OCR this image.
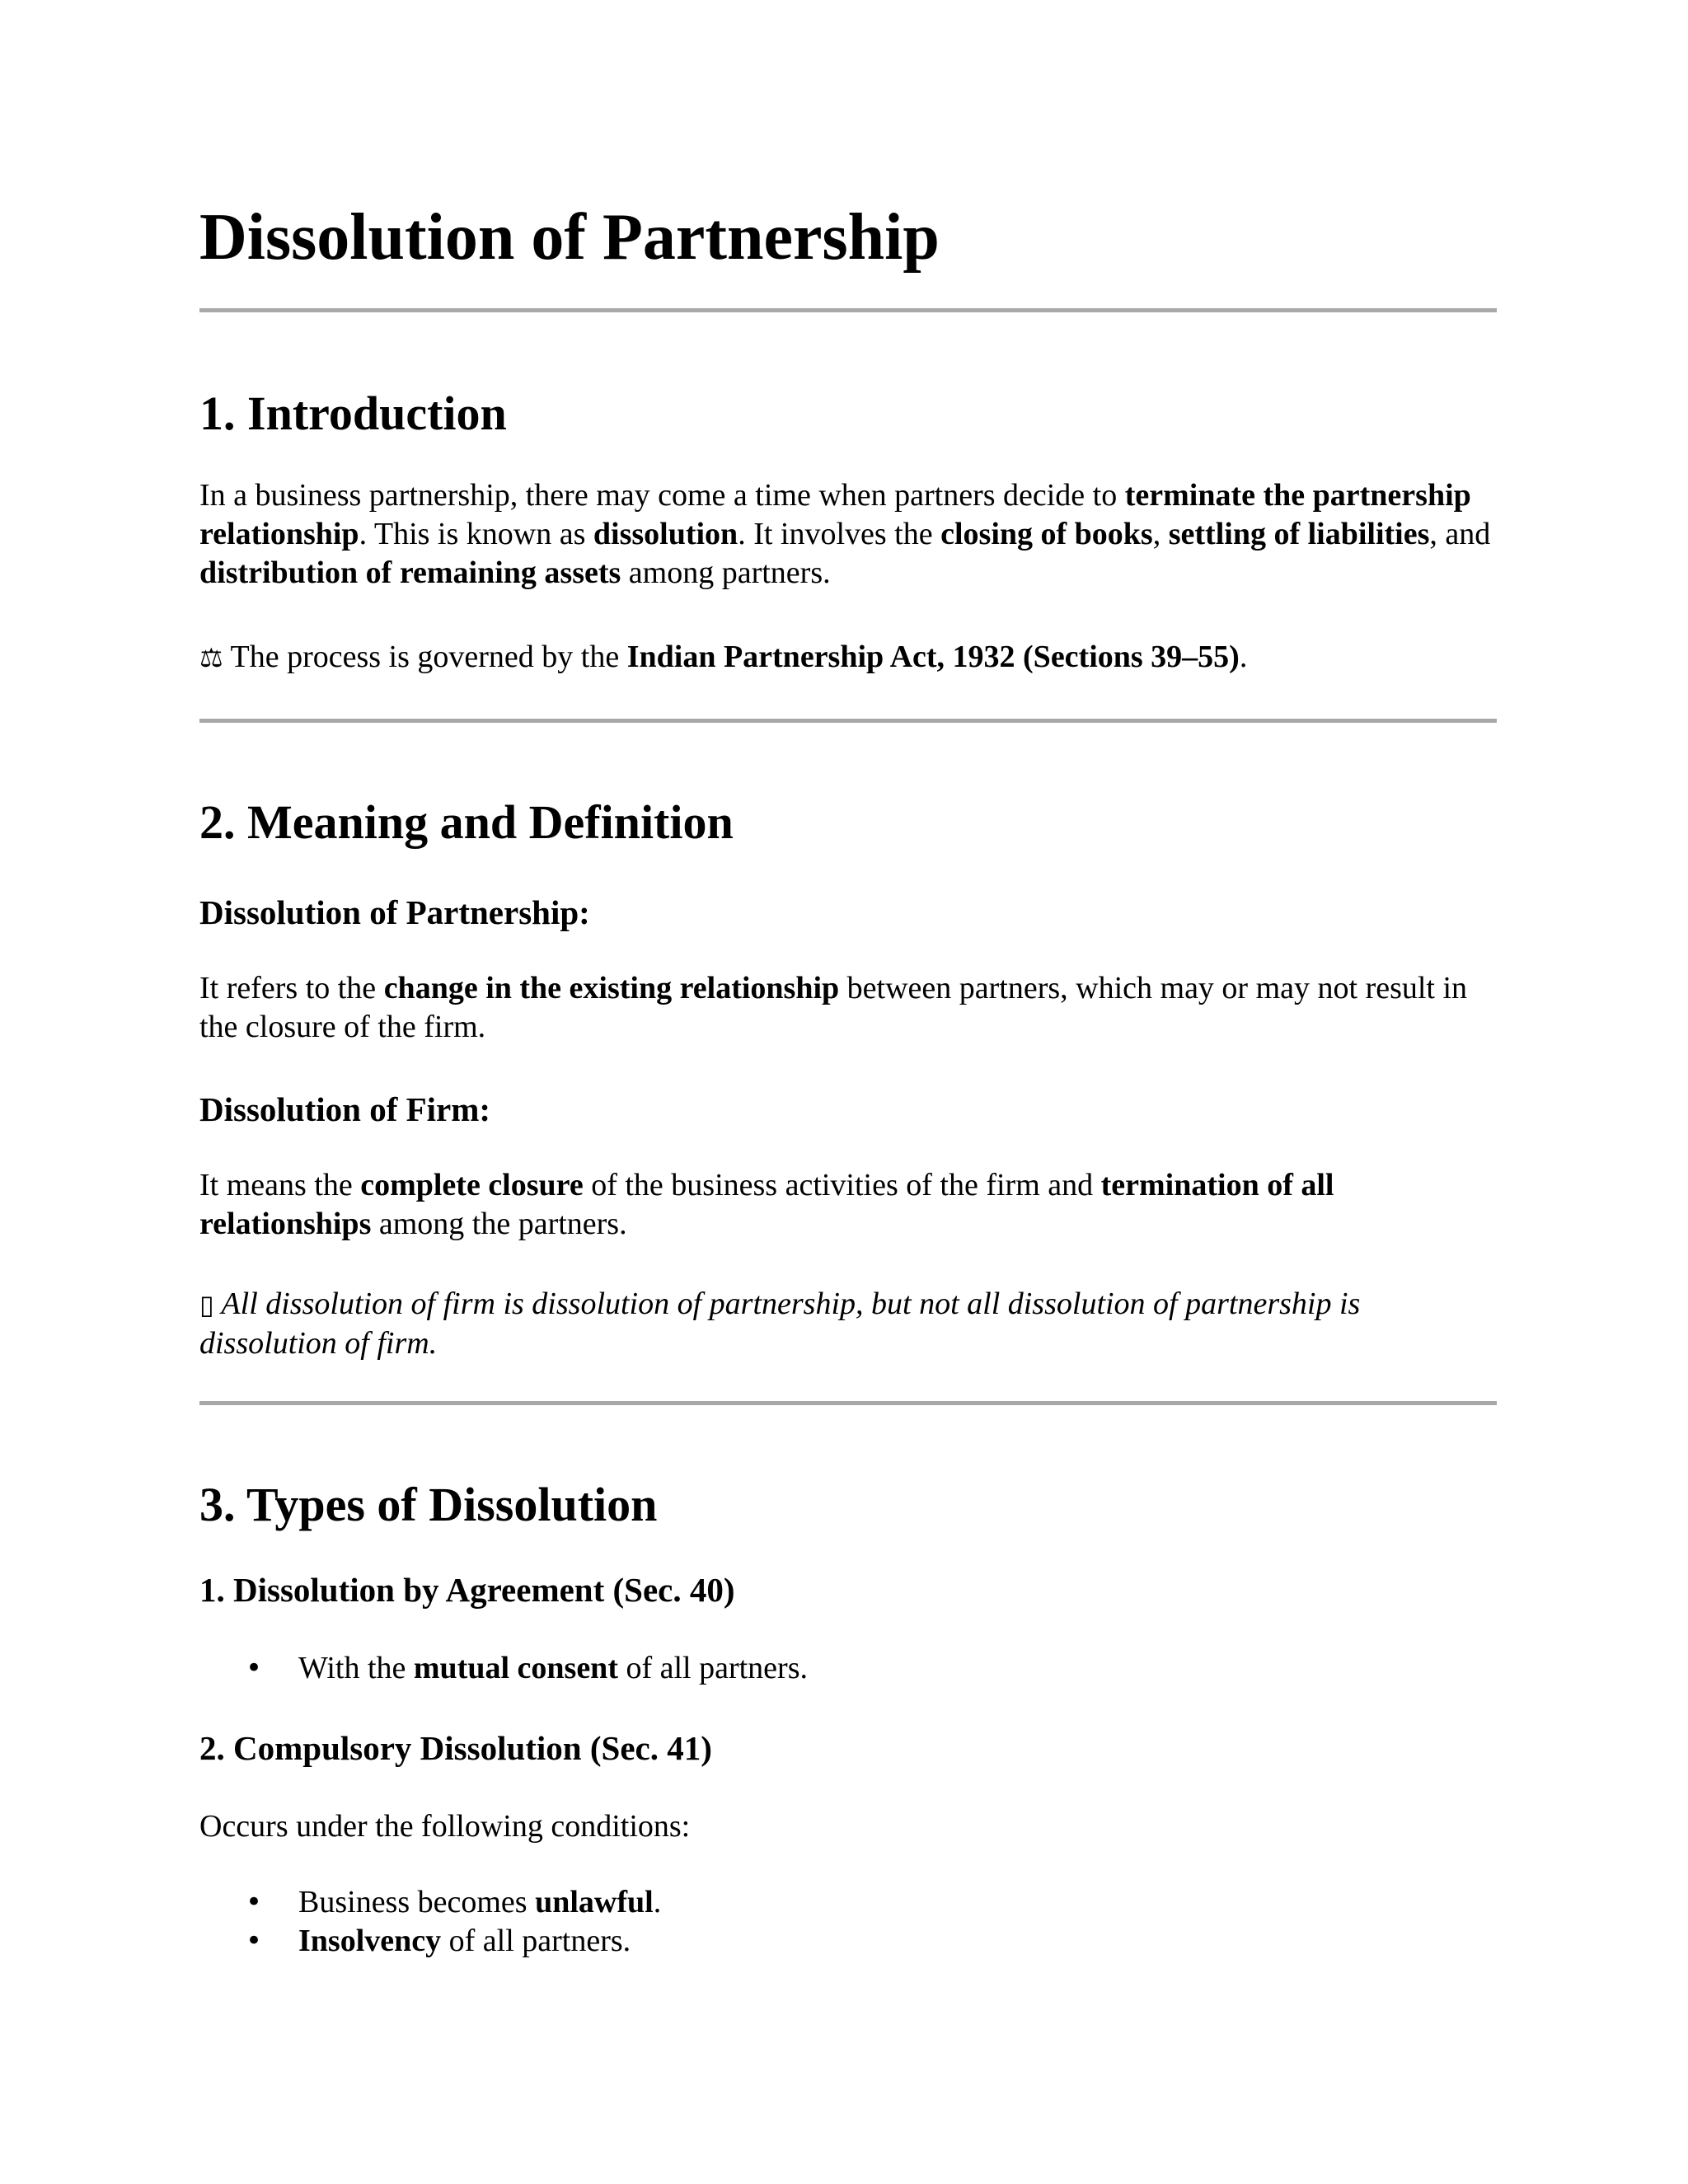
Dissolution of Partnership
1. Introduction

In a business partnership, there may come a time when partners decide to terminate the partnership relationship. This is known as dissolution. It involves the closing of books, settling of liabilities, and distribution of remaining assets among partners.

⚖ The process is governed by the Indian Partnership Act, 1932 (Sections 39–55).

2. Meaning and Definition
Dissolution of Partnership:

It refers to the change in the existing relationship between partners, which may or may not result in the closure of the firm.

Dissolution of Firm:

It means the complete closure of the business activities of the firm and termination of all relationships among the partners.

▯ All dissolution of firm is dissolution of partnership, but not all dissolution of partnership is dissolution of firm.

3. Types of Dissolution
1. Dissolution by Agreement (Sec. 40)
• With the mutual consent of all partners.
2. Compulsory Dissolution (Sec. 41)

Occurs under the following conditions:

• Business becomes unlawful.
• Insolvency of all partners.
